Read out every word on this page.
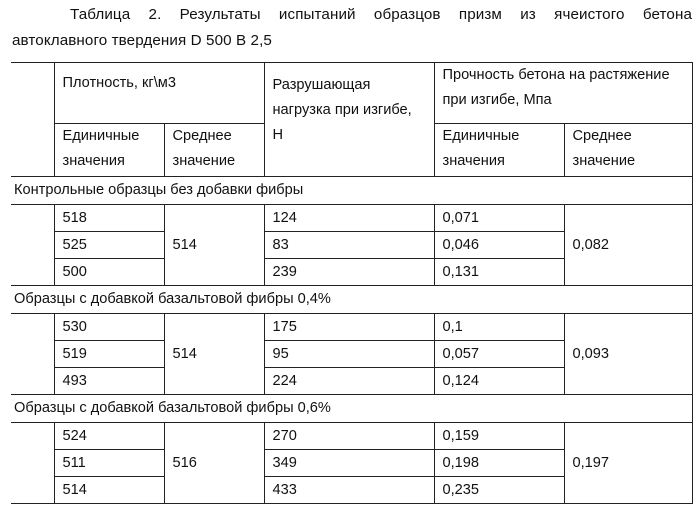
Таблица 2. Результаты испытаний образцов призм из ячеистого бетона
автоклавного твердения D 500 В 2,5
	Плотность, кг\м3		Разрушающая нагрузка при изгибе, Н	Прочность бетона на растяжение при изгибе, Мпа	
	Единичные значения	Среднее значение		Единичные значения	Среднее значение
Контрольные образцы без добавки фибры					
	518	514	124	0,071	0,082
	525		83	0,046	
	500		239	0,131	
Образцы с добавкой базальтовой фибры 0,4%					
	530	514	175	0,1	0,093
	519		95	0,057	
	493		224	0,124	
Образцы с добавкой базальтовой фибры 0,6%					
	524	516	270	0,159	0,197
	511		349	0,198	
	514		433	0,235	
